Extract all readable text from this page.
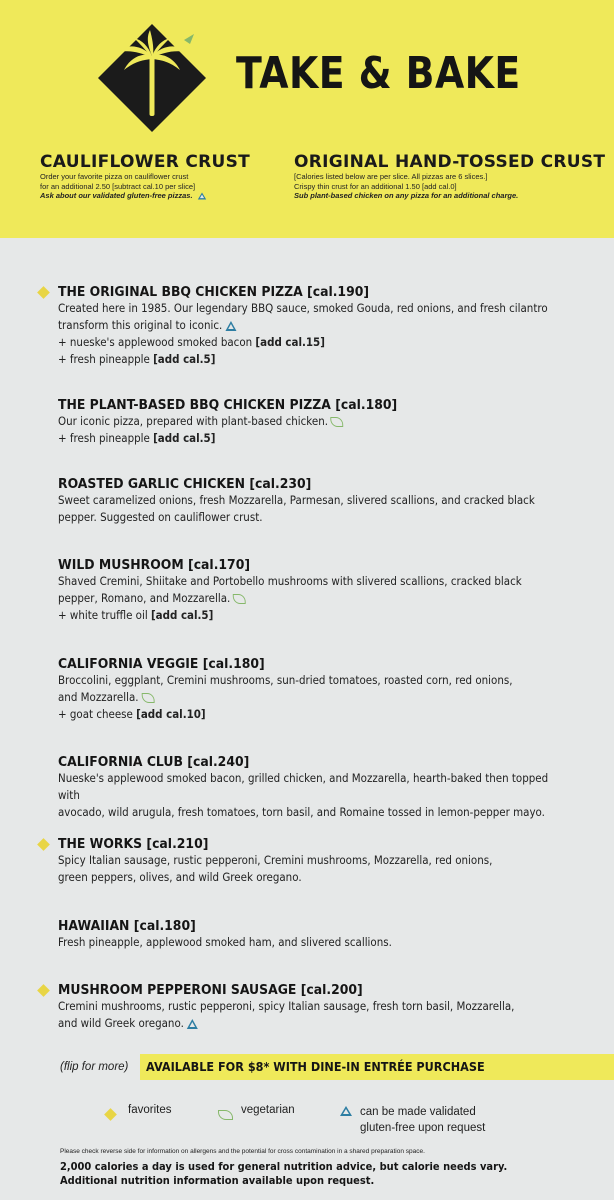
TAKE & BAKE
CAULIFLOWER CRUST

Order your favorite pizza on cauliflower crust

for an additional 2.50 [subtract cal.10 per slice]

Ask about our validated gluten-free pizzas.

ORIGINAL HAND-TOSSED CRUST

[Calories listed below are per slice. All pizzas are 6 slices.]

Crispy thin crust for an additional 1.50 [add cal.0]

Sub plant-based chicken on any pizza for an additional charge.

THE ORIGINAL BBQ CHICKEN PIZZA [cal.190]
Created here in 1985. Our legendary BBQ sauce, smoked Gouda, red onions, and fresh cilantro
transform this original to iconic.
+ nueske's applewood smoked bacon [add cal.15]
+ fresh pineapple [add cal.5]
THE PLANT-BASED BBQ CHICKEN PIZZA [cal.180]
Our iconic pizza, prepared with plant-based chicken.
+ fresh pineapple [add cal.5]
ROASTED GARLIC CHICKEN [cal.230]
Sweet caramelized onions, fresh Mozzarella, Parmesan, slivered scallions, and cracked black
pepper. Suggested on cauliflower crust.
WILD MUSHROOM [cal.170]
Shaved Cremini, Shiitake and Portobello mushrooms with slivered scallions, cracked black
pepper, Romano, and Mozzarella.
+ white truffle oil [add cal.5]
CALIFORNIA VEGGIE [cal.180]
Broccolini, eggplant, Cremini mushrooms, sun-dried tomatoes, roasted corn, red onions,
and Mozzarella.
+ goat cheese [add cal.10]
CALIFORNIA CLUB [cal.240]
Nueske's applewood smoked bacon, grilled chicken, and Mozzarella, hearth-baked then topped with
avocado, wild arugula, fresh tomatoes, torn basil, and Romaine tossed in lemon-pepper mayo.
THE WORKS [cal.210]
Spicy Italian sausage, rustic pepperoni, Cremini mushrooms, Mozzarella, red onions,
green peppers, olives, and wild Greek oregano.
HAWAIIAN [cal.180]
Fresh pineapple, applewood smoked ham, and slivered scallions.
MUSHROOM PEPPERONI SAUSAGE [cal.200]
Cremini mushrooms, rustic pepperoni, spicy Italian sausage, fresh torn basil, Mozzarella,
and wild Greek oregano.
(flip for more) AVAILABLE FOR $8* WITH DINE-IN ENTRÉE PURCHASE
favorites	vegetarian	can be made validated
gluten-free upon request
Please check reverse side for information on allergens and the potential for cross contamination in a shared preparation space.
2,000 calories a day is used for general nutrition advice, but calorie needs vary.
Additional nutrition information available upon request.
